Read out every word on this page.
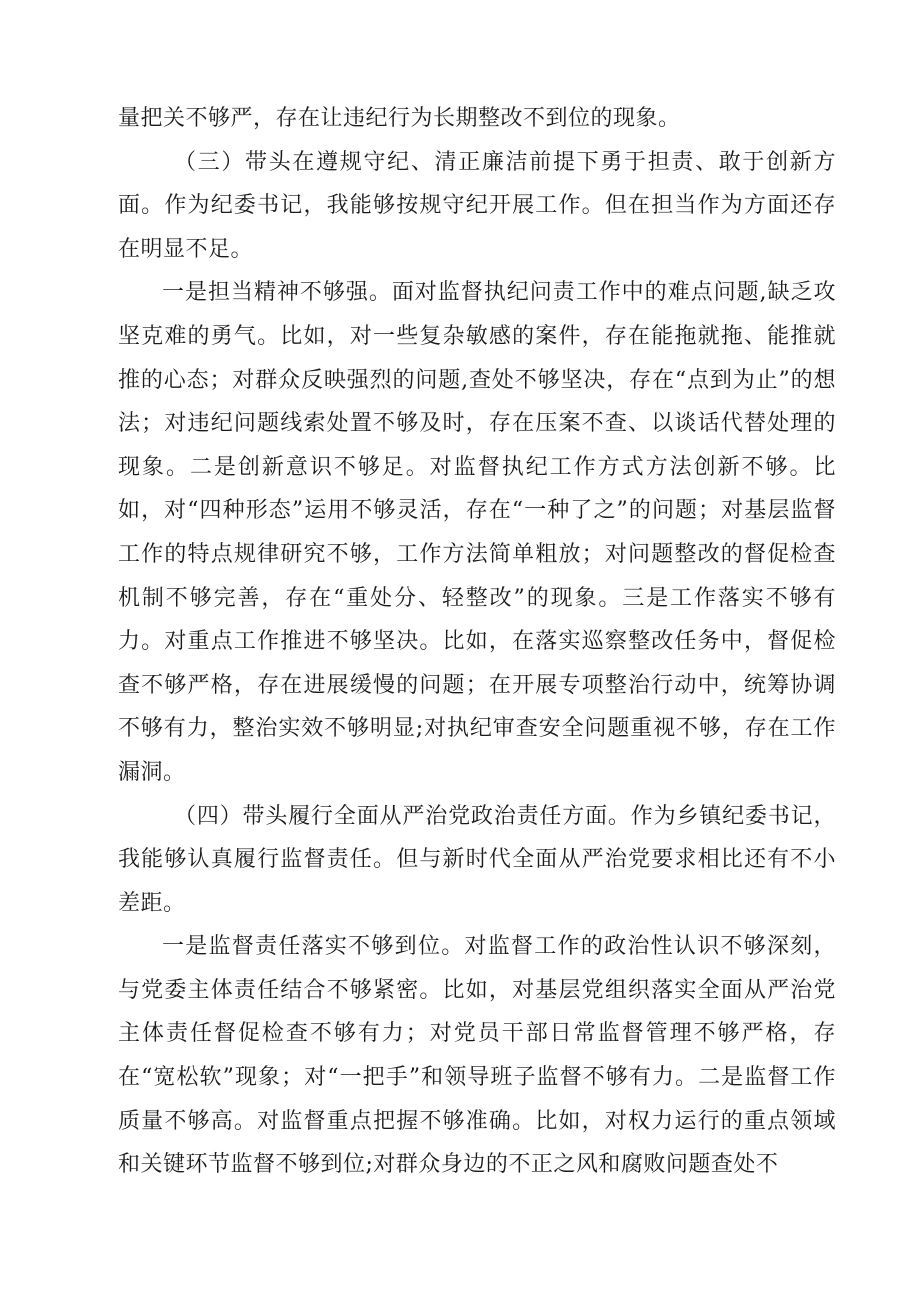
量把关不够严，存在让违纪行为长期整改不到位的现象。

（三）带头在遵规守纪、清正廉洁前提下勇于担责、敢于创新方面。作为纪委书记，我能够按规守纪开展工作。但在担当作为方面还存在明显不足。

一是担当精神不够强。面对监督执纪问责工作中的难点问题,缺乏攻坚克难的勇气。比如，对一些复杂敏感的案件，存在能拖就拖、能推就推的心态；对群众反映强烈的问题,查处不够坚决，存在“点到为止”的想法；对违纪问题线索处置不够及时，存在压案不查、以谈话代替处理的现象。二是创新意识不够足。对监督执纪工作方式方法创新不够。比如，对“四种形态”运用不够灵活，存在“一种了之”的问题；对基层监督工作的特点规律研究不够，工作方法简单粗放；对问题整改的督促检查机制不够完善，存在“重处分、轻整改”的现象。三是工作落实不够有力。对重点工作推进不够坚决。比如，在落实巡察整改任务中，督促检查不够严格，存在进展缓慢的问题；在开展专项整治行动中，统筹协调不够有力，整治实效不够明显;对执纪审查安全问题重视不够，存在工作漏洞。

（四）带头履行全面从严治党政治责任方面。作为乡镇纪委书记，我能够认真履行监督责任。但与新时代全面从严治党要求相比还有不小差距。

一是监督责任落实不够到位。对监督工作的政治性认识不够深刻，与党委主体责任结合不够紧密。比如，对基层党组织落实全面从严治党主体责任督促检查不够有力；对党员干部日常监督管理不够严格，存在“宽松软”现象；对“一把手”和领导班子监督不够有力。二是监督工作质量不够高。对监督重点把握不够准确。比如，对权力运行的重点领域和关键环节监督不够到位;对群众身边的不正之风和腐败问题查处不
